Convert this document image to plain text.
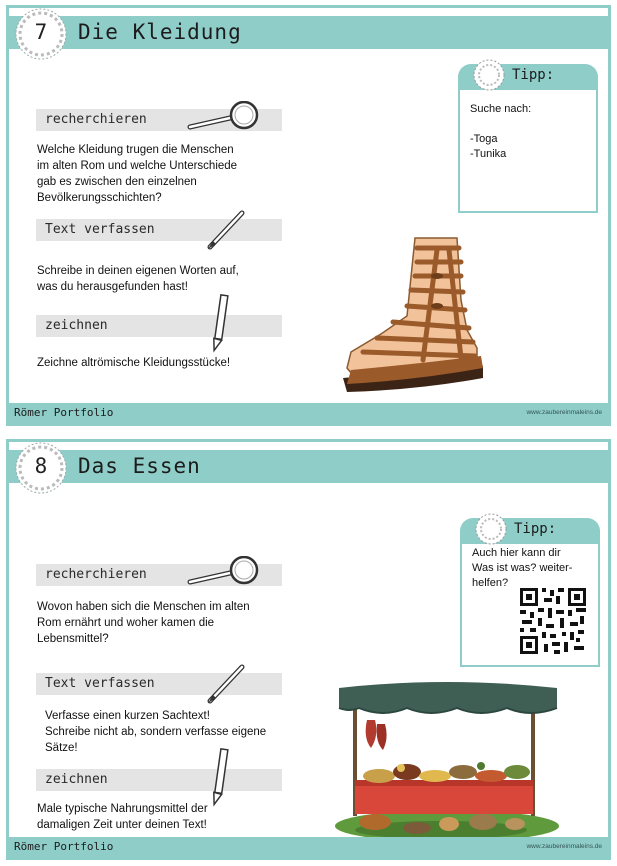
7	Die Kleidung
recherchieren
Welche Kleidung trugen die Menschen
im alten Rom und welche Unterschiede
gab es zwischen den einzelnen
Bevölkerungsschichten?
Text verfassen
Schreibe in deinen eigenen Worten auf,
was du herausgefunden hast!
zeichnen
Zeichne altrömische Kleidungsstücke!
Tipp:
Suche nach:
-Toga
-Tunika
Römer Portfolio	www.zaubereinmaleins.de
8	Das Essen
recherchieren
Wovon haben sich die Menschen im alten
Rom ernährt und woher kamen die
Lebensmittel?
Text verfassen
Verfasse einen kurzen Sachtext!
Schreibe nicht ab, sondern verfasse eigene
Sätze!
zeichnen
Male typische Nahrungsmittel der
damaligen Zeit unter deinen Text!
Tipp:
Auch hier kann dir
Was ist was? weiter-
helfen?
Römer Portfolio	www.zaubereinmaleins.de
